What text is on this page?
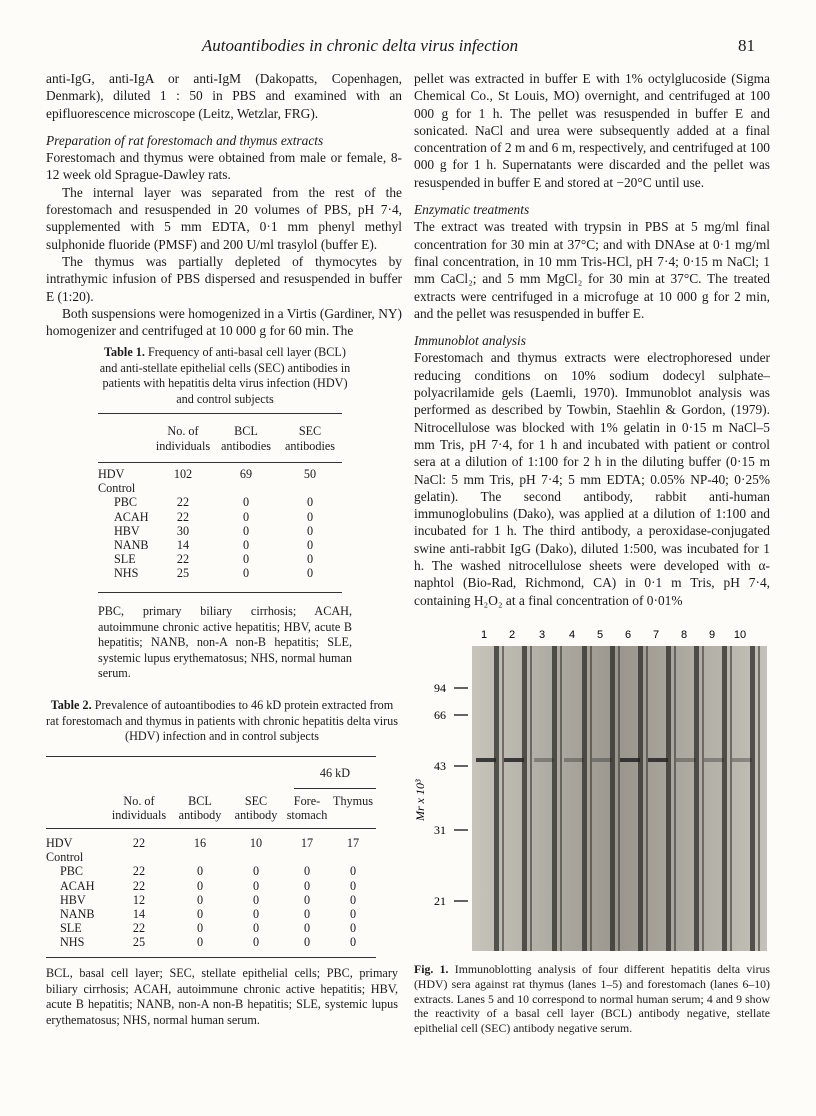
Autoantibodies in chronic delta virus infection	81

anti-IgG, anti-IgA or anti-IgM (Dakopatts, Copenhagen, Denmark), diluted 1 : 50 in PBS and examined with an epifluorescence microscope (Leitz, Wetzlar, FRG).

Preparation of rat forestomach and thymus extracts

Forestomach and thymus were obtained from male or female, 8-12 week old Sprague-Dawley rats.

The internal layer was separated from the rest of the forestomach and resuspended in 20 volumes of PBS, pH 7·4, supplemented with 5 mm EDTA, 0·1 mm phenyl methyl sulphonide fluoride (PMSF) and 200 U/ml trasylol (buffer E).

The thymus was partially depleted of thymocytes by intrathymic infusion of PBS dispersed and resuspended in buffer E (1:20).

Both suspensions were homogenized in a Virtis (Gardiner, NY) homogenizer and centrifuged at 10 000 g for 60 min. The

Table 1. Frequency of anti-basal cell layer (BCL) and anti-stellate epithelial cells (SEC) antibodies in patients with hepatitis delta virus infection (HDV) and control subjects
	No. of individuals	BCL antibodies	SEC antibodies
HDV	102	69	50
Control			
PBC	22	0	0
ACAH	22	0	0
HBV	30	0	0
NANB	14	0	0
SLE	22	0	0
NHS	25	0	0
PBC, primary biliary cirrhosis; ACAH, autoimmune chronic active hepatitis; HBV, acute B hepatitis; NANB, non-A non-B hepatitis; SLE, systemic lupus erythematosus; NHS, normal human serum.
Table 2. Prevalence of autoantibodies to 46 kD protein extracted from rat forestomach and thymus in patients with chronic hepatitis delta virus (HDV) infection and in control subjects
46 kD
	No. of individuals	BCL antibody	SEC antibody	Fore-stomach	Thymus
HDV	22	16	10	17	17
Control					
PBC	22	0	0	0	0
ACAH	22	0	0	0	0
HBV	12	0	0	0	0
NANB	14	0	0	0	0
SLE	22	0	0	0	0
NHS	25	0	0	0	0
BCL, basal cell layer; SEC, stellate epithelial cells; PBC, primary biliary cirrhosis; ACAH, autoimmune chronic active hepatitis; HBV, acute B hepatitis; NANB, non-A non-B hepatitis; SLE, systemic lupus erythematosus; NHS, normal human serum.

pellet was extracted in buffer E with 1% octylglucoside (Sigma Chemical Co., St Louis, MO) overnight, and centrifuged at 100 000 g for 1 h. The pellet was resuspended in buffer E and sonicated. NaCl and urea were subsequently added at a final concentration of 2 m and 6 m, respectively, and centrifuged at 100 000 g for 1 h. Supernatants were discarded and the pellet was resuspended in buffer E and stored at −20°C until use.

Enzymatic treatments

The extract was treated with trypsin in PBS at 5 mg/ml final concentration for 30 min at 37°C; and with DNAse at 0·1 mg/ml final concentration, in 10 mm Tris-HCl, pH 7·4; 0·15 m NaCl; 1 mm CaCl₂; and 5 mm MgCl₂ for 30 min at 37°C. The treated extracts were centrifuged in a microfuge at 10 000 g for 2 min, and the pellet was resuspended in buffer E.

Immunoblot analysis

Forestomach and thymus extracts were electrophoresed under reducing conditions on 10% sodium dodecyl sulphate–polyacrilamide gels (Laemli, 1970). Immunoblot analysis was performed as described by Towbin, Staehlin & Gordon, (1979). Nitrocellulose was blocked with 1% gelatin in 0·15 m NaCl–5 mm Tris, pH 7·4, for 1 h and incubated with patient or control sera at a dilution of 1:100 for 2 h in the diluting buffer (0·15 m NaCl: 5 mm Tris, pH 7·4; 5 mm EDTA; 0.05% NP-40; 0·25% gelatin). The second antibody, rabbit anti-human immunoglobulins (Dako), was applied at a dilution of 1:100 and incubated for 1 h. The third antibody, a peroxidase-conjugated swine anti-rabbit IgG (Dako), diluted 1:500, was incubated for 1 h. The washed nitrocellulose sheets were developed with α-naphtol (Bio-Rad, Richmond, CA) in 0·1 m Tris, pH 7·4, containing H₂O₂ at a final concentration of 0·01%

1 2 3 4 5 6 7 8 9 10
94
66
43
31
21
Mr x 10³
Fig. 1. Immunoblotting analysis of four different hepatitis delta virus (HDV) sera against rat thymus (lanes 1–5) and forestomach (lanes 6–10) extracts. Lanes 5 and 10 correspond to normal human serum; 4 and 9 show the reactivity of a basal cell layer (BCL) antibody negative, stellate epithelial cell (SEC) antibody negative serum.
